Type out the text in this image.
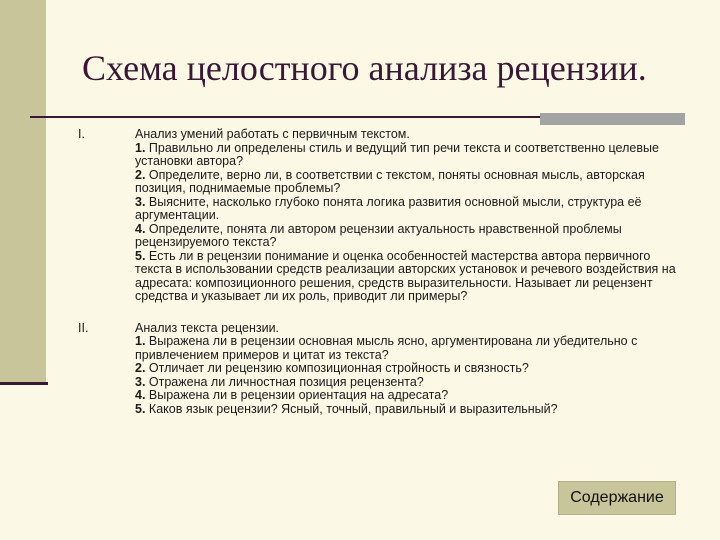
Схема целостного анализа рецензии.
I.	Анализ умений работать с первичным текстом.

1. Правильно ли определены стиль и ведущий тип речи текста и соответственно целевые установки автора?

2. Определите, верно ли, в соответствии с текстом, поняты основная мысль, авторская позиция, поднимаемые проблемы?

3. Выясните, насколько глубоко понята логика развития основной мысли, структура её аргументации.

4. Определите, понята ли автором рецензии актуальность нравственной проблемы рецензируемого текста?

5. Есть ли в рецензии понимание и оценка особенностей мастерства автора первичного текста в использовании средств реализации авторских установок и речевого воздействия на адресата: композиционного решения, средств выразительности. Называет ли рецензент средства и указывает ли их роль, приводит ли примеры?

II.	Анализ текста рецензии.

1. Выражена ли в рецензии основная мысль ясно, аргументирована ли убедительно с привлечением примеров и цитат из текста?

2. Отличает ли рецензию композиционная стройность и связность?

3. Отражена ли личностная позиция рецензента?

4. Выражена ли в рецензии ориентация на адресата?

5. Каков язык рецензии? Ясный, точный, правильный и выразительный?

Содержание
